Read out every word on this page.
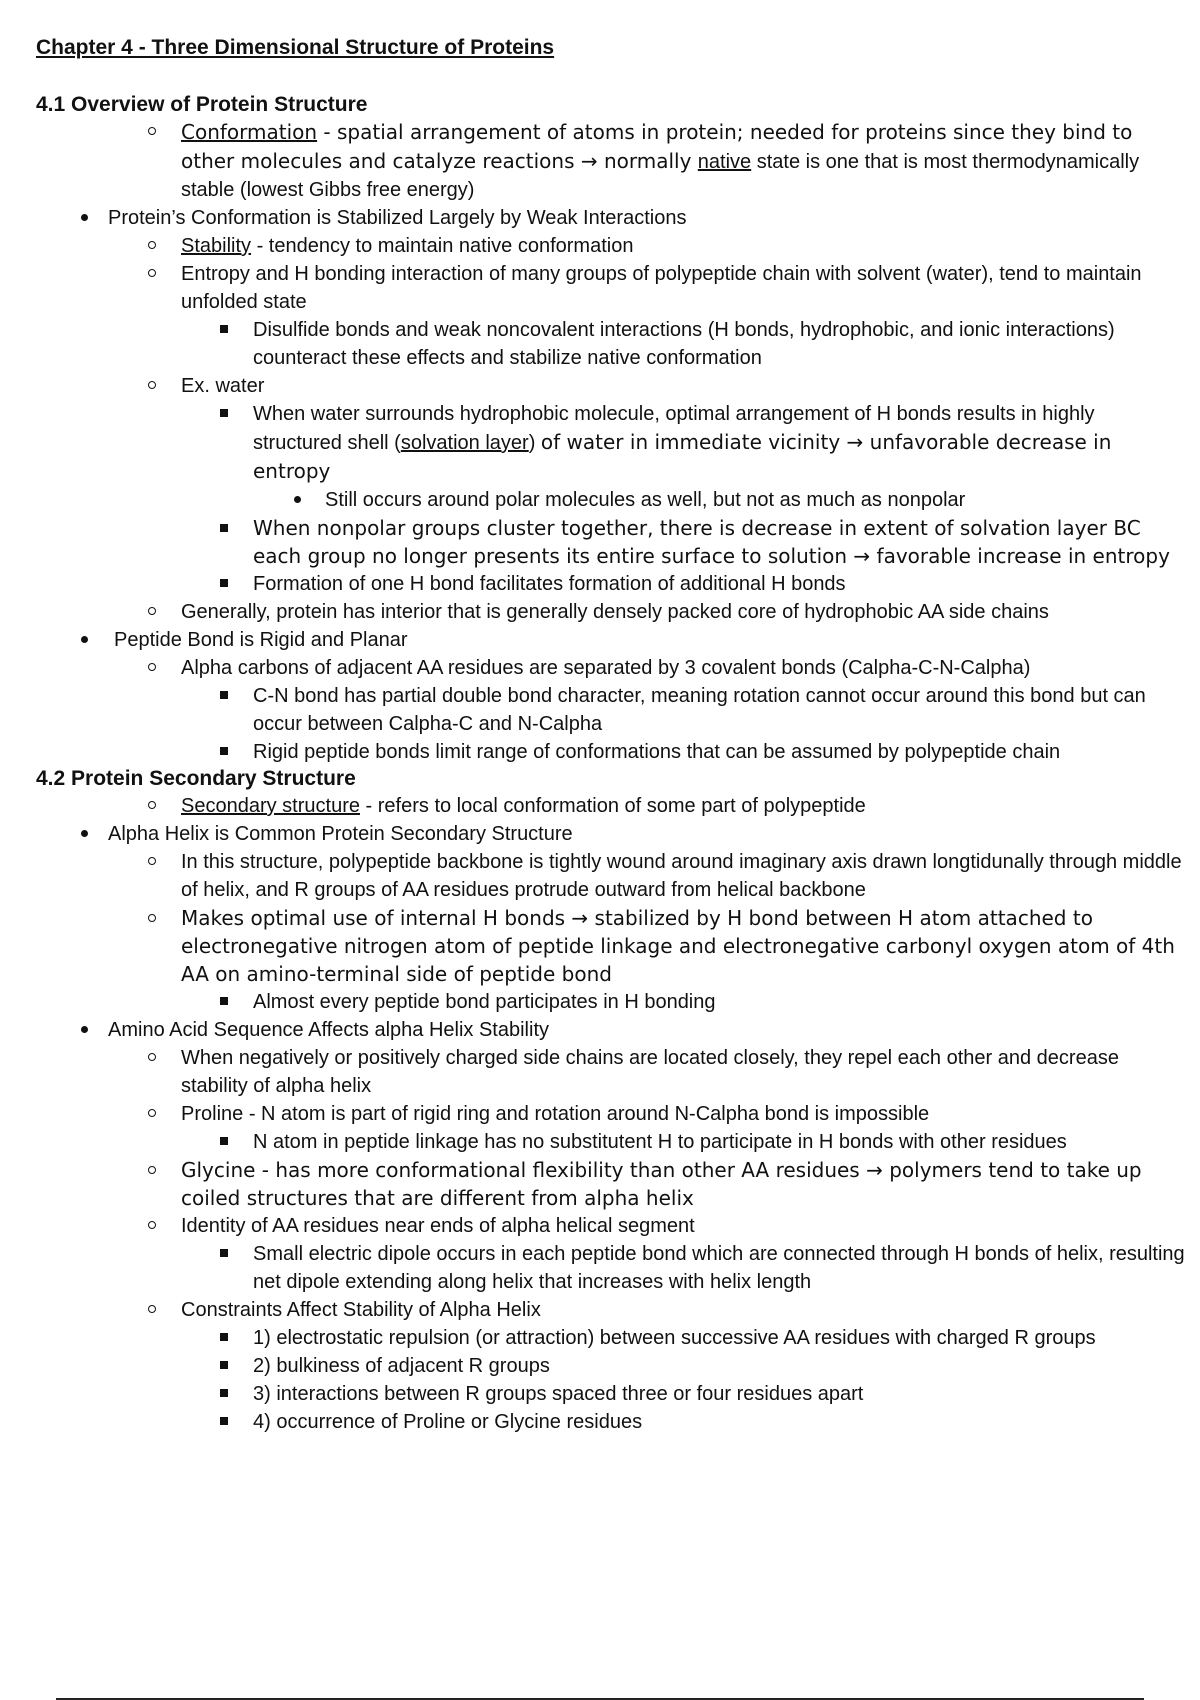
Chapter 4 - Three Dimensional Structure of Proteins
4.1 Overview of Protein Structure
Conformation - spatial arrangement of atoms in protein; needed for proteins since they bind to other molecules and catalyze reactions → normally native state is one that is most thermodynamically stable (lowest Gibbs free energy)
Protein’s Conformation is Stabilized Largely by Weak Interactions
Stability - tendency to maintain native conformation
Entropy and H bonding interaction of many groups of polypeptide chain with solvent (water), tend to maintain unfolded state
Disulfide bonds and weak noncovalent interactions (H bonds, hydrophobic, and ionic interactions) counteract these effects and stabilize native conformation
Ex. water
When water surrounds hydrophobic molecule, optimal arrangement of H bonds results in highly structured shell (solvation layer) of water in immediate vicinity → unfavorable decrease in entropy
Still occurs around polar molecules as well, but not as much as nonpolar
When nonpolar groups cluster together, there is decrease in extent of solvation layer BC each group no longer presents its entire surface to solution → favorable increase in entropy
Formation of one H bond facilitates formation of additional H bonds
Generally, protein has interior that is generally densely packed core of hydrophobic AA side chains
Peptide Bond is Rigid and Planar
Alpha carbons of adjacent AA residues are separated by 3 covalent bonds (Calpha-C-N-Calpha)
C-N bond has partial double bond character, meaning rotation cannot occur around this bond but can occur between Calpha-C and N-Calpha
Rigid peptide bonds limit range of conformations that can be assumed by polypeptide chain
4.2 Protein Secondary Structure
Secondary structure - refers to local conformation of some part of polypeptide
Alpha Helix is Common Protein Secondary Structure
In this structure, polypeptide backbone is tightly wound around imaginary axis drawn longtidunally through middle of helix, and R groups of AA residues protrude outward from helical backbone
Makes optimal use of internal H bonds → stabilized by H bond between H atom attached to electronegative nitrogen atom of peptide linkage and electronegative carbonyl oxygen atom of 4th AA on amino-terminal side of peptide bond
Almost every peptide bond participates in H bonding
Amino Acid Sequence Affects alpha Helix Stability
When negatively or positively charged side chains are located closely, they repel each other and decrease stability of alpha helix
Proline - N atom is part of rigid ring and rotation around N-Calpha bond is impossible
N atom in peptide linkage has no substitutent H to participate in H bonds with other residues
Glycine - has more conformational flexibility than other AA residues → polymers tend to take up coiled structures that are different from alpha helix
Identity of AA residues near ends of alpha helical segment
Small electric dipole occurs in each peptide bond which are connected through H bonds of helix, resulting net dipole extending along helix that increases with helix length
Constraints Affect Stability of Alpha Helix
1) electrostatic repulsion (or attraction) between successive AA residues with charged R groups
2) bulkiness of adjacent R groups
3) interactions between R groups spaced three or four residues apart
4) occurrence of Proline or Glycine residues
